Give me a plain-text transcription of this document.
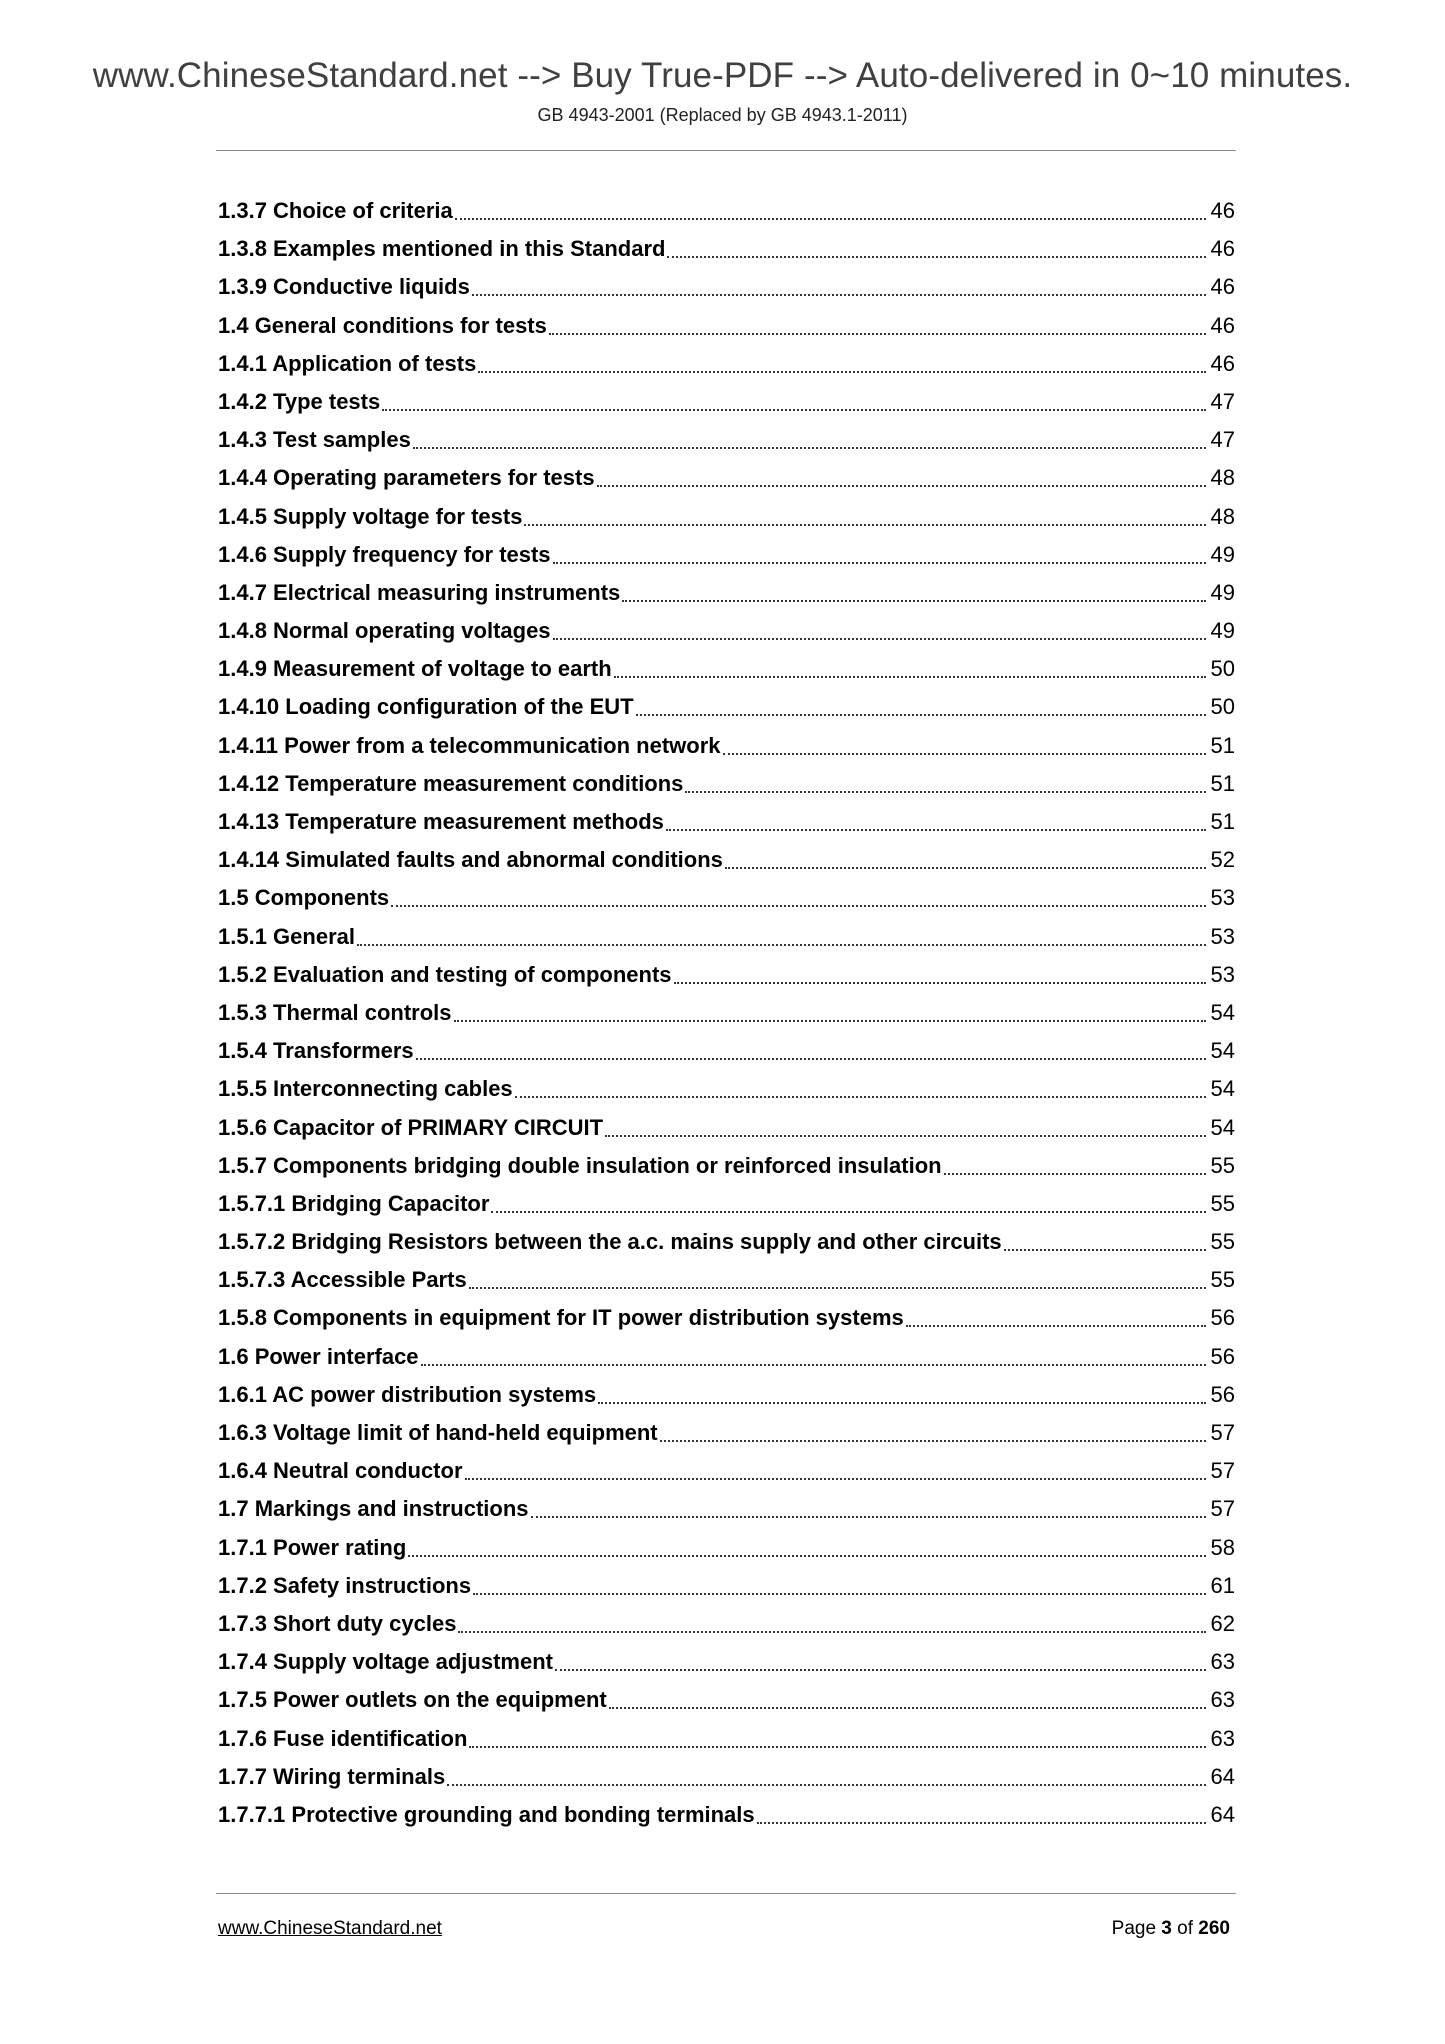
www.ChineseStandard.net --> Buy True-PDF --> Auto-delivered in 0~10 minutes.
GB 4943-2001 (Replaced by GB 4943.1-2011)
1.3.7 Choice of criteria	46
1.3.8 Examples mentioned in this Standard	46
1.3.9 Conductive liquids	46
1.4 General conditions for tests	46
1.4.1 Application of tests	46
1.4.2 Type tests	47
1.4.3 Test samples	47
1.4.4 Operating parameters for tests	48
1.4.5 Supply voltage for tests	48
1.4.6 Supply frequency for tests	49
1.4.7 Electrical measuring instruments	49
1.4.8 Normal operating voltages	49
1.4.9 Measurement of voltage to earth	50
1.4.10 Loading configuration of the EUT	50
1.4.11 Power from a telecommunication network	51
1.4.12 Temperature measurement conditions	51
1.4.13 Temperature measurement methods	51
1.4.14 Simulated faults and abnormal conditions	52
1.5 Components	53
1.5.1 General	53
1.5.2 Evaluation and testing of components	53
1.5.3 Thermal controls	54
1.5.4 Transformers	54
1.5.5 Interconnecting cables	54
1.5.6 Capacitor of PRIMARY CIRCUIT	54
1.5.7 Components bridging double insulation or reinforced insulation	55
1.5.7.1 Bridging Capacitor	55
1.5.7.2 Bridging Resistors between the a.c. mains supply and other circuits	55
1.5.7.3 Accessible Parts	55
1.5.8 Components in equipment for IT power distribution systems	56
1.6 Power interface	56
1.6.1 AC power distribution systems	56
1.6.3 Voltage limit of hand-held equipment	57
1.6.4 Neutral conductor	57
1.7 Markings and instructions	57
1.7.1 Power rating	58
1.7.2 Safety instructions	61
1.7.3 Short duty cycles	62
1.7.4 Supply voltage adjustment	63
1.7.5 Power outlets on the equipment	63
1.7.6 Fuse identification	63
1.7.7 Wiring terminals	64
1.7.7.1 Protective grounding and bonding terminals	64
www.ChineseStandard.net	Page 3 of 260
